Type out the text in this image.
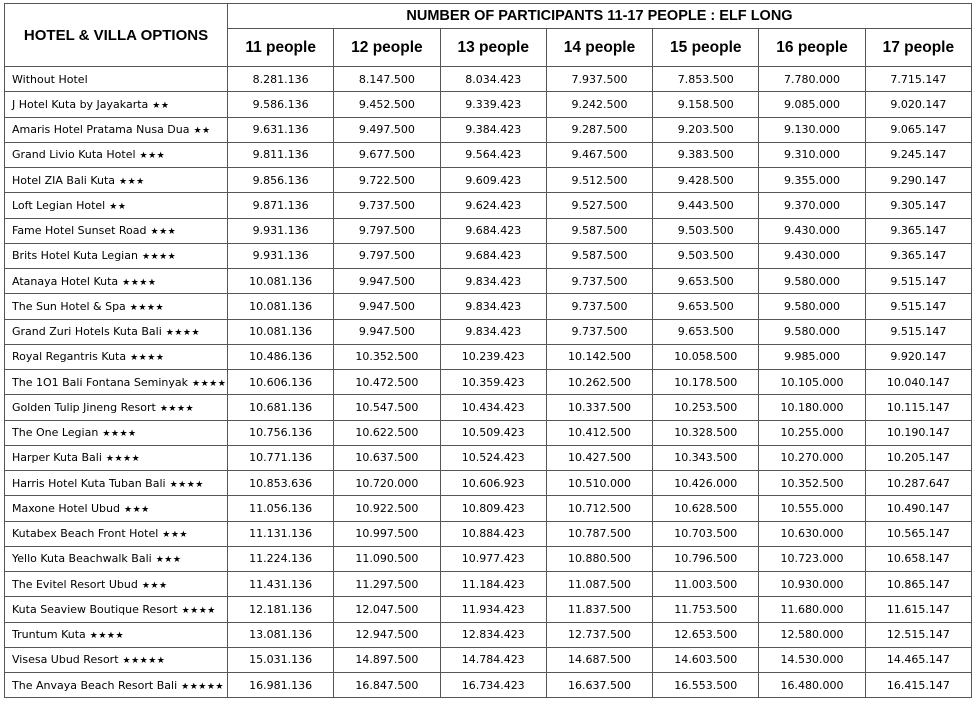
HOTEL & VILLA OPTIONS	NUMBER OF PARTICIPANTS 11-17 PEOPLE : ELF LONG						
	11 people	12 people	13 people	14 people	15 people	16 people	17 people
Without Hotel	8.281.136	8.147.500	8.034.423	7.937.500	7.853.500	7.780.000	7.715.147
J Hotel Kuta by Jayakarta ★★	9.586.136	9.452.500	9.339.423	9.242.500	9.158.500	9.085.000	9.020.147
Amaris Hotel Pratama Nusa Dua ★★	9.631.136	9.497.500	9.384.423	9.287.500	9.203.500	9.130.000	9.065.147
Grand Livio Kuta Hotel ★★★	9.811.136	9.677.500	9.564.423	9.467.500	9.383.500	9.310.000	9.245.147
Hotel ZIA Bali Kuta ★★★	9.856.136	9.722.500	9.609.423	9.512.500	9.428.500	9.355.000	9.290.147
Loft Legian Hotel ★★	9.871.136	9.737.500	9.624.423	9.527.500	9.443.500	9.370.000	9.305.147
Fame Hotel Sunset Road ★★★	9.931.136	9.797.500	9.684.423	9.587.500	9.503.500	9.430.000	9.365.147
Brits Hotel Kuta Legian ★★★★	9.931.136	9.797.500	9.684.423	9.587.500	9.503.500	9.430.000	9.365.147
Atanaya Hotel Kuta ★★★★	10.081.136	9.947.500	9.834.423	9.737.500	9.653.500	9.580.000	9.515.147
The Sun Hotel & Spa ★★★★	10.081.136	9.947.500	9.834.423	9.737.500	9.653.500	9.580.000	9.515.147
Grand Zuri Hotels Kuta Bali ★★★★	10.081.136	9.947.500	9.834.423	9.737.500	9.653.500	9.580.000	9.515.147
Royal Regantris Kuta ★★★★	10.486.136	10.352.500	10.239.423	10.142.500	10.058.500	9.985.000	9.920.147
The 1O1 Bali Fontana Seminyak ★★★★	10.606.136	10.472.500	10.359.423	10.262.500	10.178.500	10.105.000	10.040.147
Golden Tulip Jineng Resort ★★★★	10.681.136	10.547.500	10.434.423	10.337.500	10.253.500	10.180.000	10.115.147
The One Legian ★★★★	10.756.136	10.622.500	10.509.423	10.412.500	10.328.500	10.255.000	10.190.147
Harper Kuta Bali ★★★★	10.771.136	10.637.500	10.524.423	10.427.500	10.343.500	10.270.000	10.205.147
Harris Hotel Kuta Tuban Bali ★★★★	10.853.636	10.720.000	10.606.923	10.510.000	10.426.000	10.352.500	10.287.647
Maxone Hotel Ubud ★★★	11.056.136	10.922.500	10.809.423	10.712.500	10.628.500	10.555.000	10.490.147
Kutabex Beach Front Hotel ★★★	11.131.136	10.997.500	10.884.423	10.787.500	10.703.500	10.630.000	10.565.147
Yello Kuta Beachwalk Bali ★★★	11.224.136	11.090.500	10.977.423	10.880.500	10.796.500	10.723.000	10.658.147
The Evitel Resort Ubud ★★★	11.431.136	11.297.500	11.184.423	11.087.500	11.003.500	10.930.000	10.865.147
Kuta Seaview Boutique Resort ★★★★	12.181.136	12.047.500	11.934.423	11.837.500	11.753.500	11.680.000	11.615.147
Truntum Kuta ★★★★	13.081.136	12.947.500	12.834.423	12.737.500	12.653.500	12.580.000	12.515.147
Visesa Ubud Resort ★★★★★	15.031.136	14.897.500	14.784.423	14.687.500	14.603.500	14.530.000	14.465.147
The Anvaya Beach Resort Bali ★★★★★	16.981.136	16.847.500	16.734.423	16.637.500	16.553.500	16.480.000	16.415.147
